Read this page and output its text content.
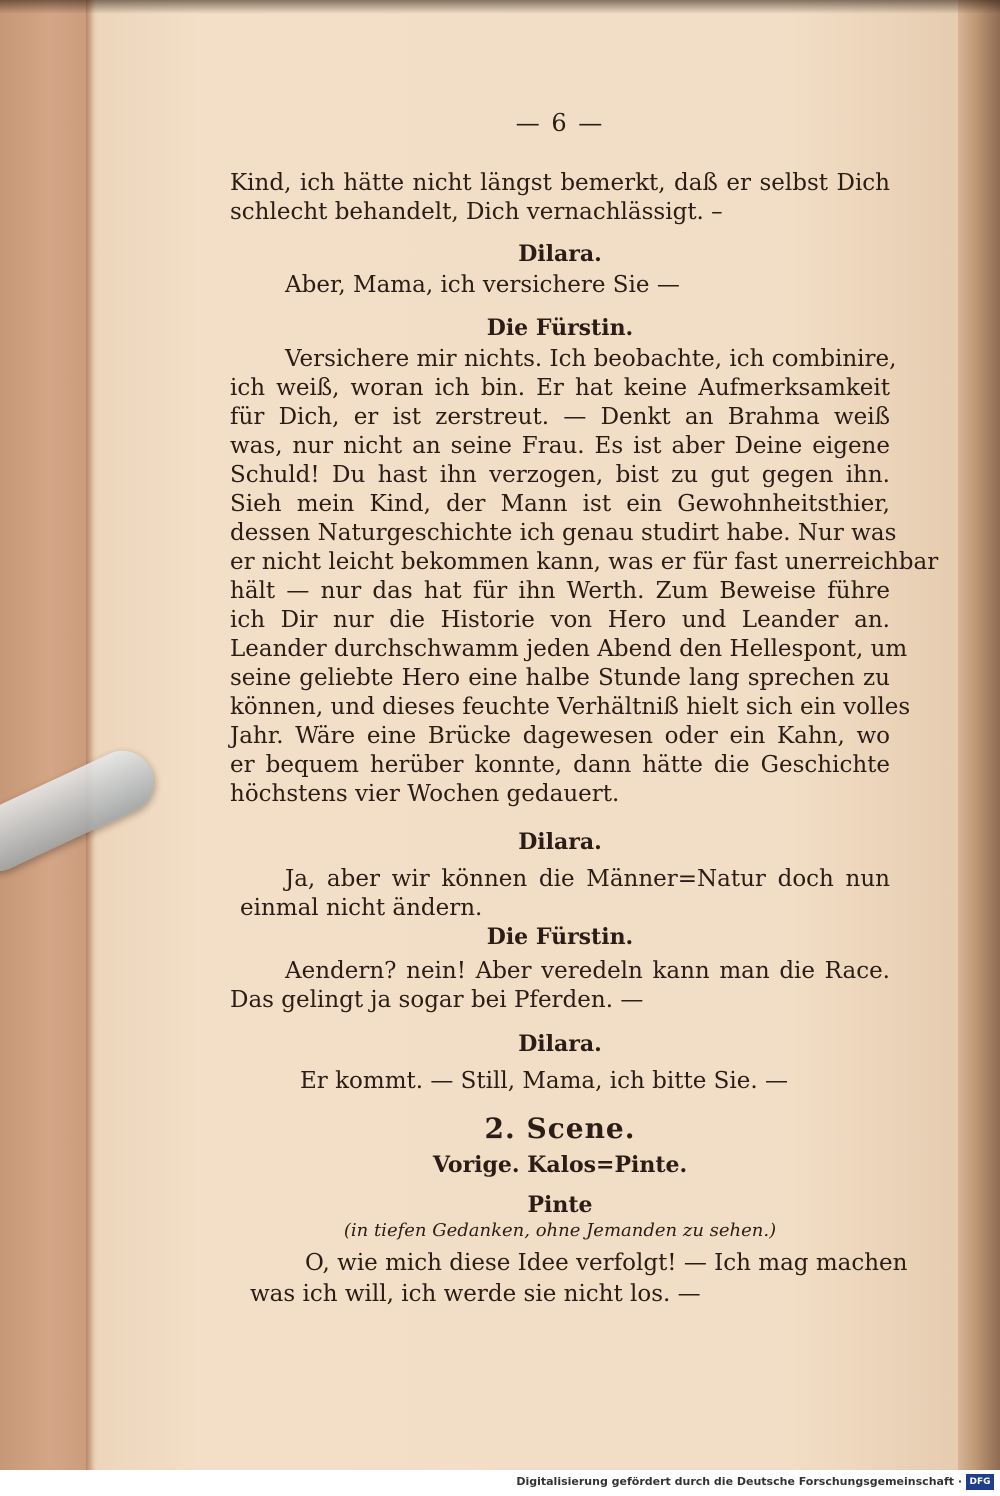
— 6 —
Kind, ich hätte nicht längst bemerkt, daß er selbst Dich
schlecht behandelt, Dich vernachlässigt. –
Dilara.
Aber, Mama, ich versichere Sie —
Die Fürstin.
Versichere mir nichts. Ich beobachte, ich combinire,
ich weiß, woran ich bin. Er hat keine Aufmerksamkeit
für Dich, er ist zerstreut. — Denkt an Brahma weiß
was, nur nicht an seine Frau. Es ist aber Deine eigene
Schuld! Du hast ihn verzogen, bist zu gut gegen ihn.
Sieh mein Kind, der Mann ist ein Gewohnheitsthier,
dessen Naturgeschichte ich genau studirt habe. Nur was
er nicht leicht bekommen kann, was er für fast unerreichbar
hält — nur das hat für ihn Werth. Zum Beweise führe
ich Dir nur die Historie von Hero und Leander an.
Leander durchschwamm jeden Abend den Hellespont, um
seine geliebte Hero eine halbe Stunde lang sprechen zu
können, und dieses feuchte Verhältniß hielt sich ein volles
Jahr. Wäre eine Brücke dagewesen oder ein Kahn, wo
er bequem herüber konnte, dann hätte die Geschichte
höchstens vier Wochen gedauert.
Dilara.
Ja, aber wir können die Männer=Natur doch nun
einmal nicht ändern.
Die Fürstin.
Aendern? nein! Aber veredeln kann man die Race.
Das gelingt ja sogar bei Pferden. —
Dilara.
Er kommt. — Still, Mama, ich bitte Sie. —
2. Scene.
Vorige. Kalos=Pinte.
Pinte
(in tiefen Gedanken, ohne Jemanden zu sehen.)
O, wie mich diese Idee verfolgt! — Ich mag machen
was ich will, ich werde sie nicht los. —
Digitalisierung gefördert durch die Deutsche Forschungsgemeinschaft · DFG
